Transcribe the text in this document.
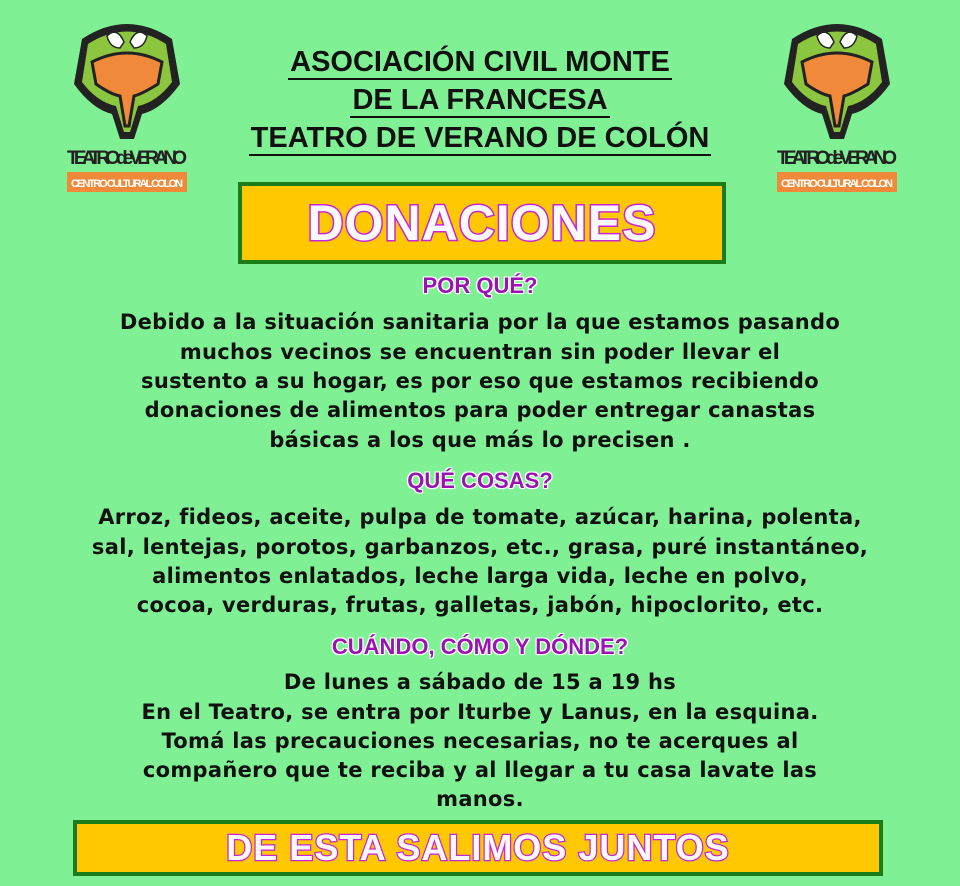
TEATRO de VERANO
CENTRO CULTURAL COLON
TEATRO de VERANO
CENTRO CULTURAL COLON
ASOCIACIÓN CIVIL MONTE
DE LA FRANCESA
TEATRO DE VERANO DE COLÓN
DONACIONES
POR QUÉ?
Debido a la situación sanitaria por la que estamos pasando
muchos vecinos se encuentran sin poder llevar el
sustento a su hogar, es por eso que estamos recibiendo
donaciones de alimentos para poder entregar canastas
básicas a los que más lo precisen .
QUÉ COSAS?
Arroz, fideos, aceite, pulpa de tomate, azúcar, harina, polenta,
sal, lentejas, porotos, garbanzos, etc., grasa, puré instantáneo,
alimentos enlatados, leche larga vida, leche en polvo,
cocoa, verduras, frutas, galletas, jabón, hipoclorito, etc.
CUÁNDO, CÓMO Y DÓNDE?
De lunes a sábado de 15 a 19 hs
En el Teatro, se entra por Iturbe y Lanus, en la esquina.
Tomá las precauciones necesarias, no te acerques al
compañero que te reciba y al llegar a tu casa lavate las
manos.
DE ESTA SALIMOS JUNTOS
